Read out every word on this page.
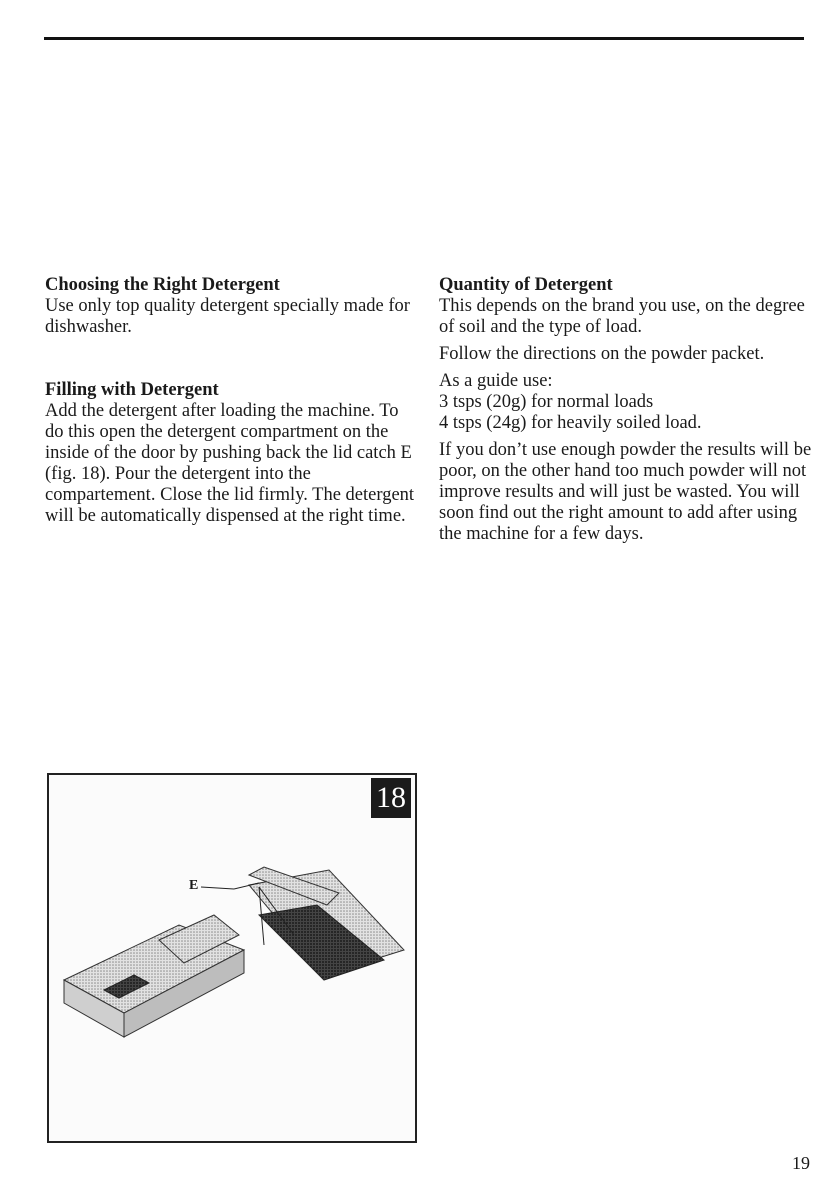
Choosing the Right Detergent

Use only top quality detergent specially made for dishwasher.

Filling with Detergent

Add the detergent after loading the machine. To do this open the detergent compartment on the inside of the door by pushing back the lid catch E (fig. 18). Pour the detergent into the compartement. Close the lid firmly. The detergent will be automatically dispensed at the right time.

Quantity of Detergent

This depends on the brand you use, on the degree of soil and the type of load.

Follow the directions on the powder packet.

As a guide use:

3 tsps (20g) for normal loads

4 tsps (24g) for heavily soiled load.

If you don’t use enough powder the results will be poor, on the other hand too much powder will not improve results and will just be wasted. You will soon find out the right amount to add after using the machine for a few days.

18
E
19
